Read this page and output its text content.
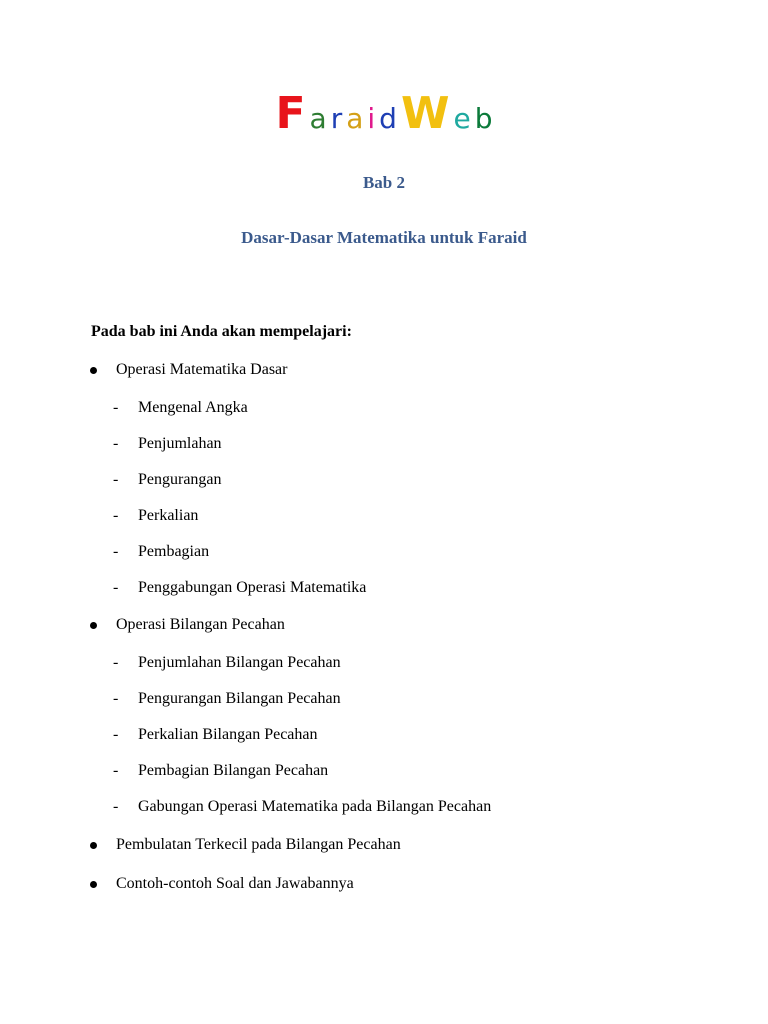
F a r a i dW e b
Bab 2
Dasar-Dasar Matematika untuk Faraid
Pada bab ini Anda akan mempelajari:
Operasi Matematika Dasar
- Mengenal Angka
- Penjumlahan
- Pengurangan
- Perkalian
- Pembagian
- Penggabungan Operasi Matematika
Operasi Bilangan Pecahan
- Penjumlahan Bilangan Pecahan
- Pengurangan Bilangan Pecahan
- Perkalian Bilangan Pecahan
- Pembagian Bilangan Pecahan
- Gabungan Operasi Matematika pada Bilangan Pecahan
Pembulatan Terkecil pada Bilangan Pecahan
Contoh-contoh Soal dan Jawabannya
